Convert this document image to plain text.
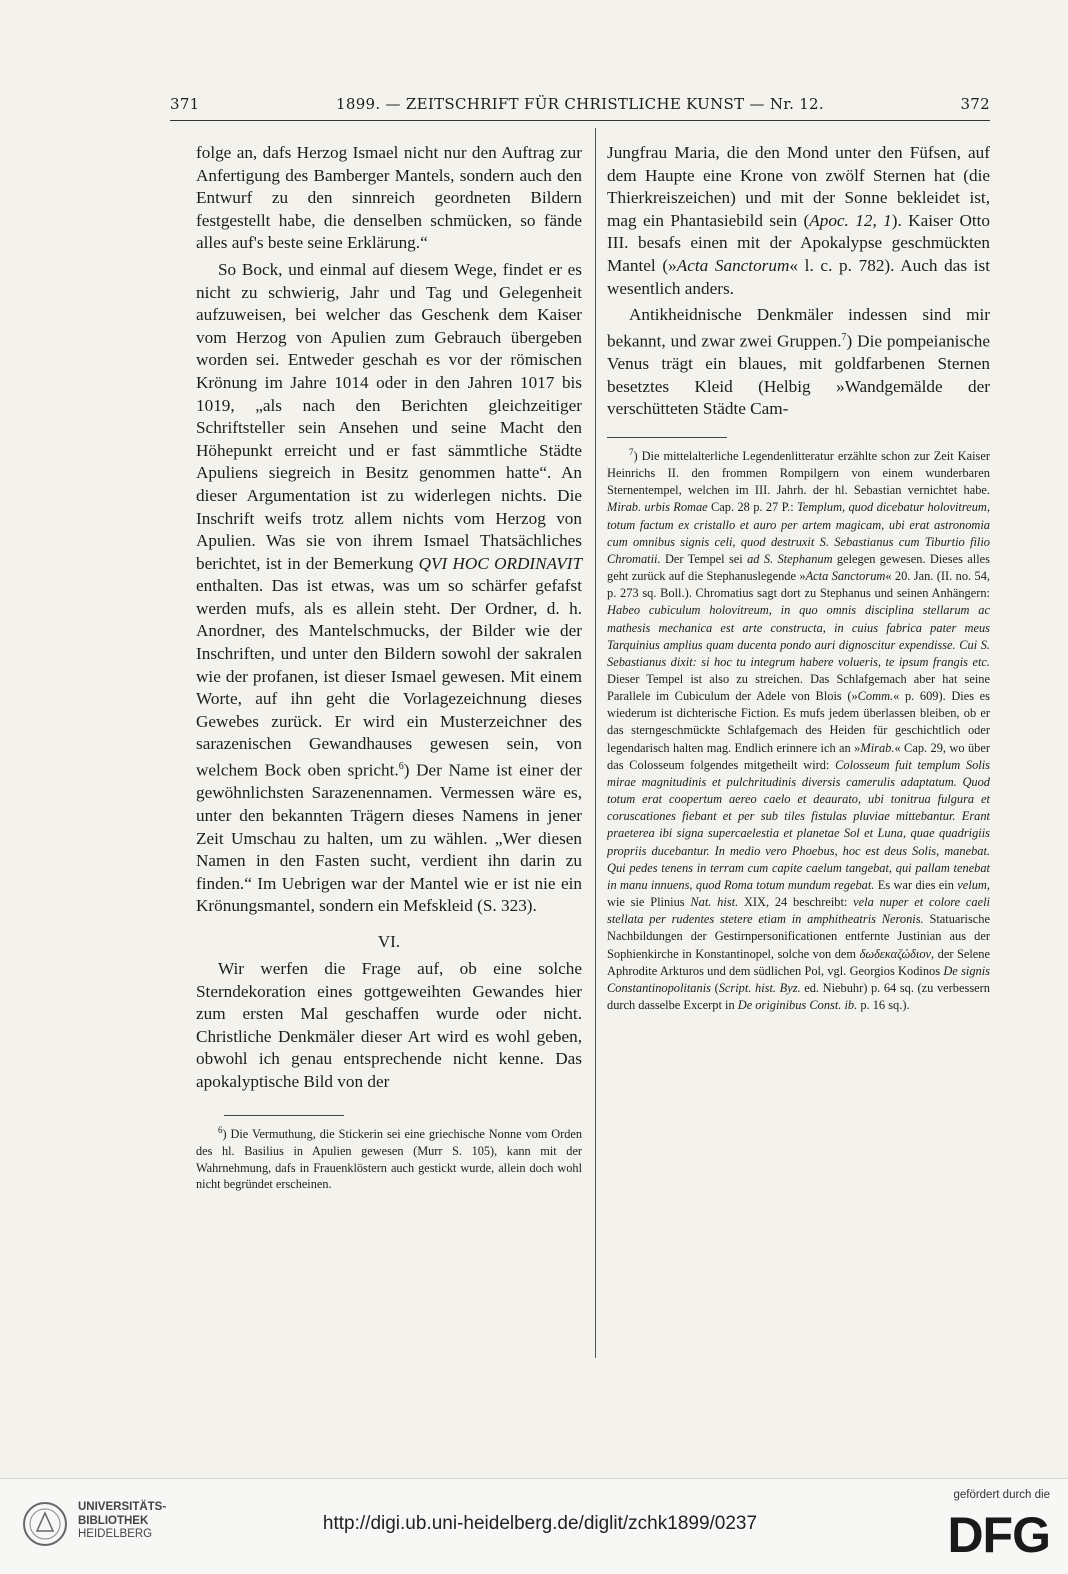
371	1899. — ZEITSCHRIFT FÜR CHRISTLICHE KUNST — Nr. 12.	372

folge an, dafs Herzog Ismael nicht nur den Auftrag zur Anfertigung des Bamberger Mantels, sondern auch den Entwurf zu den sinnreich geordneten Bildern festgestellt habe, die denselben schmücken, so fände alles auf's beste seine Erklärung.“

So Bock, und einmal auf diesem Wege, findet er es nicht zu schwierig, Jahr und Tag und Gelegenheit aufzuweisen, bei welcher das Geschenk dem Kaiser vom Herzog von Apulien zum Gebrauch übergeben worden sei. Entweder geschah es vor der römischen Krönung im Jahre 1014 oder in den Jahren 1017 bis 1019, „als nach den Berichten gleichzeitiger Schriftsteller sein Ansehen und seine Macht den Höhepunkt erreicht und er fast sämmtliche Städte Apuliens siegreich in Besitz genommen hatte“. An dieser Argumentation ist zu widerlegen nichts. Die Inschrift weifs trotz allem nichts vom Herzog von Apulien. Was sie von ihrem Ismael Thatsächliches berichtet, ist in der Bemerkung QVI HOC ORDINAVIT enthalten. Das ist etwas, was um so schärfer gefafst werden mufs, als es allein steht. Der Ordner, d. h. Anordner, des Mantelschmucks, der Bilder wie der Inschriften, und unter den Bildern sowohl der sakralen wie der profanen, ist dieser Ismael gewesen. Mit einem Worte, auf ihn geht die Vorlagezeichnung dieses Gewebes zurück. Er wird ein Musterzeichner des sarazenischen Gewandhauses gewesen sein, von welchem Bock oben spricht.$^6$) Der Name ist einer der gewöhnlichsten Sarazenennamen. Vermessen wäre es, unter den bekannten Trägern dieses Namens in jener Zeit Umschau zu halten, um zu wählen. „Wer diesen Namen in den Fasten sucht, verdient ihn darin zu finden.“ Im Uebrigen war der Mantel wie er ist nie ein Krönungsmantel, sondern ein Mefskleid (S. 323).

VI.

Wir werfen die Frage auf, ob eine solche Sterndekoration eines gottgeweihten Gewandes hier zum ersten Mal geschaffen wurde oder nicht. Christliche Denkmäler dieser Art wird es wohl geben, obwohl ich genau entsprechende nicht kenne. Das apokalyptische Bild von der

$^6$) Die Vermuthung, die Stickerin sei eine griechische Nonne vom Orden des hl. Basilius in Apulien gewesen (Murr S. 105), kann mit der Wahrnehmung, dafs in Frauenklöstern auch gestickt wurde, allein doch wohl nicht begründet erscheinen.

Jungfrau Maria, die den Mond unter den Füfsen, auf dem Haupte eine Krone von zwölf Sternen hat (die Thierkreiszeichen) und mit der Sonne bekleidet ist, mag ein Phantasiebild sein (Apoc. 12, 1). Kaiser Otto III. besafs einen mit der Apokalypse geschmückten Mantel (»Acta Sanctorum« l. c. p. 782). Auch das ist wesentlich anders.

Antikheidnische Denkmäler indessen sind mir bekannt, und zwar zwei Gruppen.$^7$) Die pompeianische Venus trägt ein blaues, mit goldfarbenen Sternen besetztes Kleid (Helbig »Wandgemälde der verschütteten Städte Cam-

$^7$) Die mittelalterliche Legendenlitteratur erzählte schon zur Zeit Kaiser Heinrichs II. den frommen Rompilgern von einem wunderbaren Sternentempel, welchen im III. Jahrh. der hl. Sebastian vernichtet habe. Mirab. urbis Romae Cap. 28 p. 27 P.: Templum, quod dicebatur holovitreum, totum factum ex cristallo et auro per artem magicam, ubi erat astronomia cum omnibus signis celi, quod destruxit S. Sebastianus cum Tiburtio filio Chromatii. Der Tempel sei ad S. Stephanum gelegen gewesen. Dieses alles geht zurück auf die Stephanuslegende »Acta Sanctorum« 20. Jan. (II. no. 54, p. 273 sq. Boll.). Chromatius sagt dort zu Stephanus und seinen Anhängern: Habeo cubiculum holovitreum, in quo omnis disciplina stellarum ac mathesis mechanica est arte constructa, in cuius fabrica pater meus Tarquinius amplius quam ducenta pondo auri dignoscitur expendisse. Cui S. Sebastianus dixit: si hoc tu integrum habere volueris, te ipsum frangis etc. Dieser Tempel ist also zu streichen. Das Schlafgemach aber hat seine Parallele im Cubiculum der Adele von Blois (»Comm.« p. 609). Dies es wiederum ist dichterische Fiction. Es mufs jedem überlassen bleiben, ob er das sterngeschmückte Schlafgemach des Heiden für geschichtlich oder legendarisch halten mag. Endlich erinnere ich an »Mirab.« Cap. 29, wo über das Colosseum folgendes mitgetheilt wird: Colosseum fuit templum Solis mirae magnitudinis et pulchritudinis diversis camerulis adaptatum. Quod totum erat coopertum aereo caelo et deaurato, ubi tonitrua fulgura et coruscationes fiebant et per sub tiles fistulas pluviae mittebantur. Erant praeterea ibi signa supercaelestia et planetae Sol et Luna, quae quadrigiis propriis ducebantur. In medio vero Phoebus, hoc est deus Solis, manebat. Qui pedes tenens in terram cum capite caelum tangebat, qui pallam tenebat in manu innuens, quod Roma totum mundum regebat. Es war dies ein velum, wie sie Plinius Nat. hist. XIX, 24 beschreibt: vela nuper et colore caeli stellata per rudentes stetere etiam in amphitheatris Neronis. Statuarische Nachbildungen der Gestirnpersonificationen entfernte Justinian aus der Sophienkirche in Konstantinopel, solche von dem δωδεκαζώδιον, der Selene Aphrodite Arkturos und dem südlichen Pol, vgl. Georgios Kodinos De signis Constantinopolitanis (Script. hist. Byz. ed. Niebuhr) p. 64 sq. (zu verbessern durch dasselbe Excerpt in De originibus Const. ib. p. 16 sq.).

UNIVERSITÄTS-
BIBLIOTHEK
HEIDELBERG
http://digi.ub.uni-heidelberg.de/diglit/zchk1899/0237
gefördert durch die
DFG
